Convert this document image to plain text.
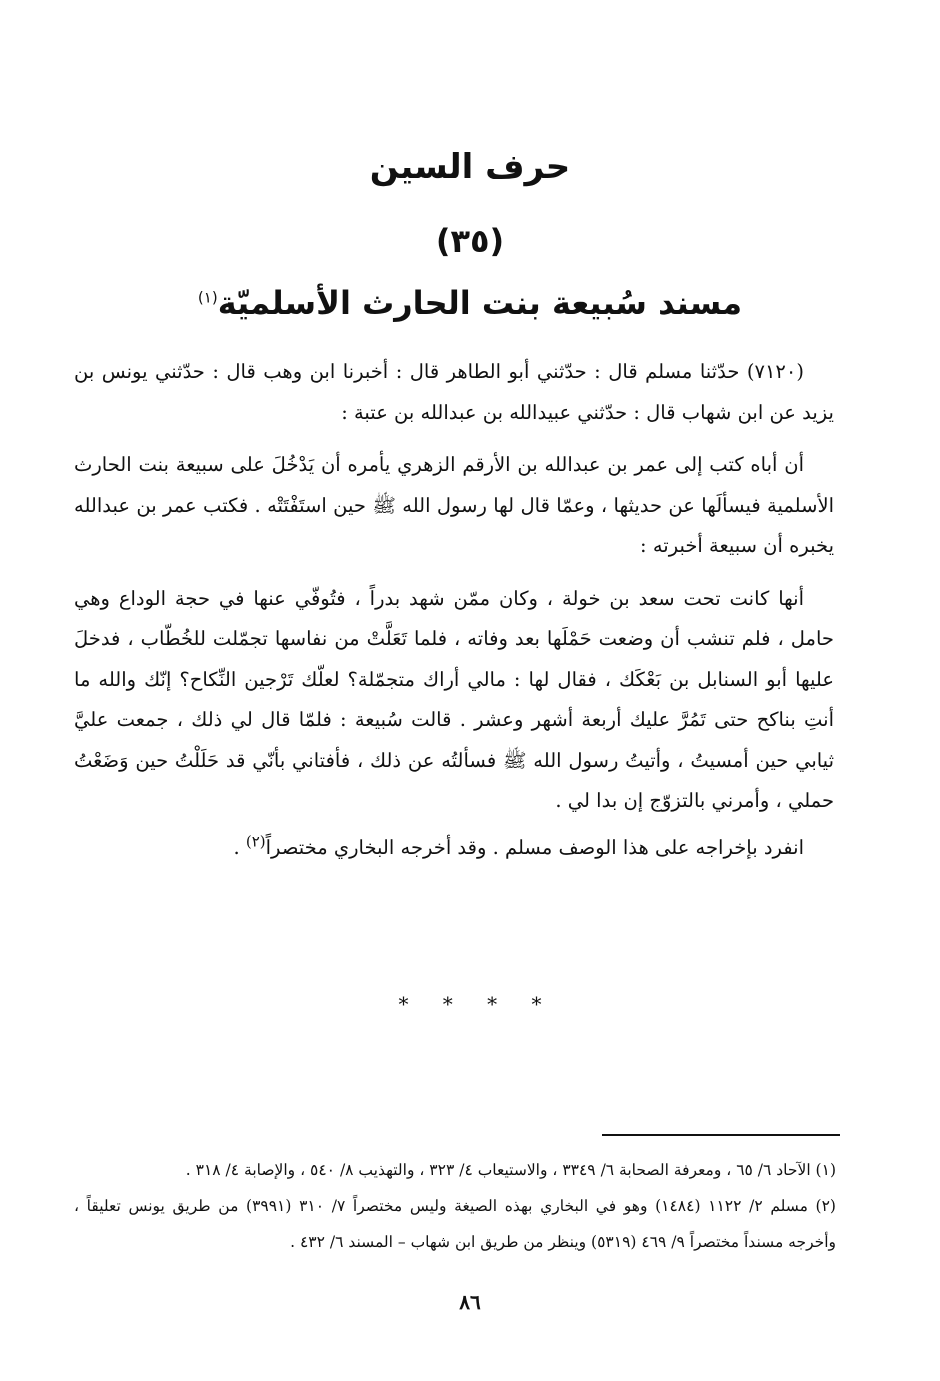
حرف السين
(٣٥)
مسند سُبيعة بنت الحارث الأسلميّة$^{(١)}$

(٧١٢٠) حدّثنا مسلم قال : حدّثني أبو الطاهر قال : أخبرنا ابن وهب قال : حدّثني يونس بن يزيد عن ابن شهاب قال : حدّثني عبيدالله بن عبدالله بن عتبة :

أن أباه كتب إلى عمر بن عبدالله بن الأرقم الزهري يأمره أن يَدْخُلَ على سبيعة بنت الحارث الأسلمية فيسألَها عن حديثها ، وعمّا قال لها رسول الله ﷺ حين استَفْتَتْه . فكتب عمر بن عبدالله يخبره أن سبيعة أخبرته :

أنها كانت تحت سعد بن خولة ، وكان ممّن شهد بدراً ، فتُوفّي عنها في حجة الوداع وهي حامل ، فلم تنشب أن وضعت حَمْلَها بعد وفاته ، فلما تَعَلَّتْ من نفاسها تجمّلت للخُطّاب ، فدخلَ عليها أبو السنابل بن بَعْكَك ، فقال لها : مالي أراك متجمّلة؟ لعلّك تَرْجين النِّكاح؟ إنّك والله ما أنتِ بناكح حتى تَمُرَّ عليك أربعة أشهر وعشر . قالت سُبيعة : فلمّا قال لي ذلك ، جمعت عليَّ ثيابي حين أمسيتُ ، وأتيتُ رسول الله ﷺ فسألتُه عن ذلك ، فأفتاني بأنّي قد حَلَلْتُ حين وَضَعْتُ حملي ، وأمرني بالتزوّج إن بدا لي .

انفرد بإخراجه على هذا الوصف مسلم . وقد أخرجه البخاري مختصراً$^{(٢)}$ .

* * * *

(١) الآحاد ٦/ ٦٥ ، ومعرفة الصحابة ٦/ ٣٣٤٩ ، والاستيعاب ٤/ ٣٢٣ ، والتهذيب ٨/ ٥٤٠ ، والإصابة ٤/ ٣١٨ .

(٢) مسلم ٢/ ١١٢٢ (١٤٨٤) وهو في البخاري بهذه الصيغة وليس مختصراً ٧/ ٣١٠ (٣٩٩١) من طريق يونس تعليقاً ، وأخرجه مسنداً مختصراً ٩/ ٤٦٩ (٥٣١٩) وينظر من طريق ابن شهاب – المسند ٦/ ٤٣٢ .

٨٦
